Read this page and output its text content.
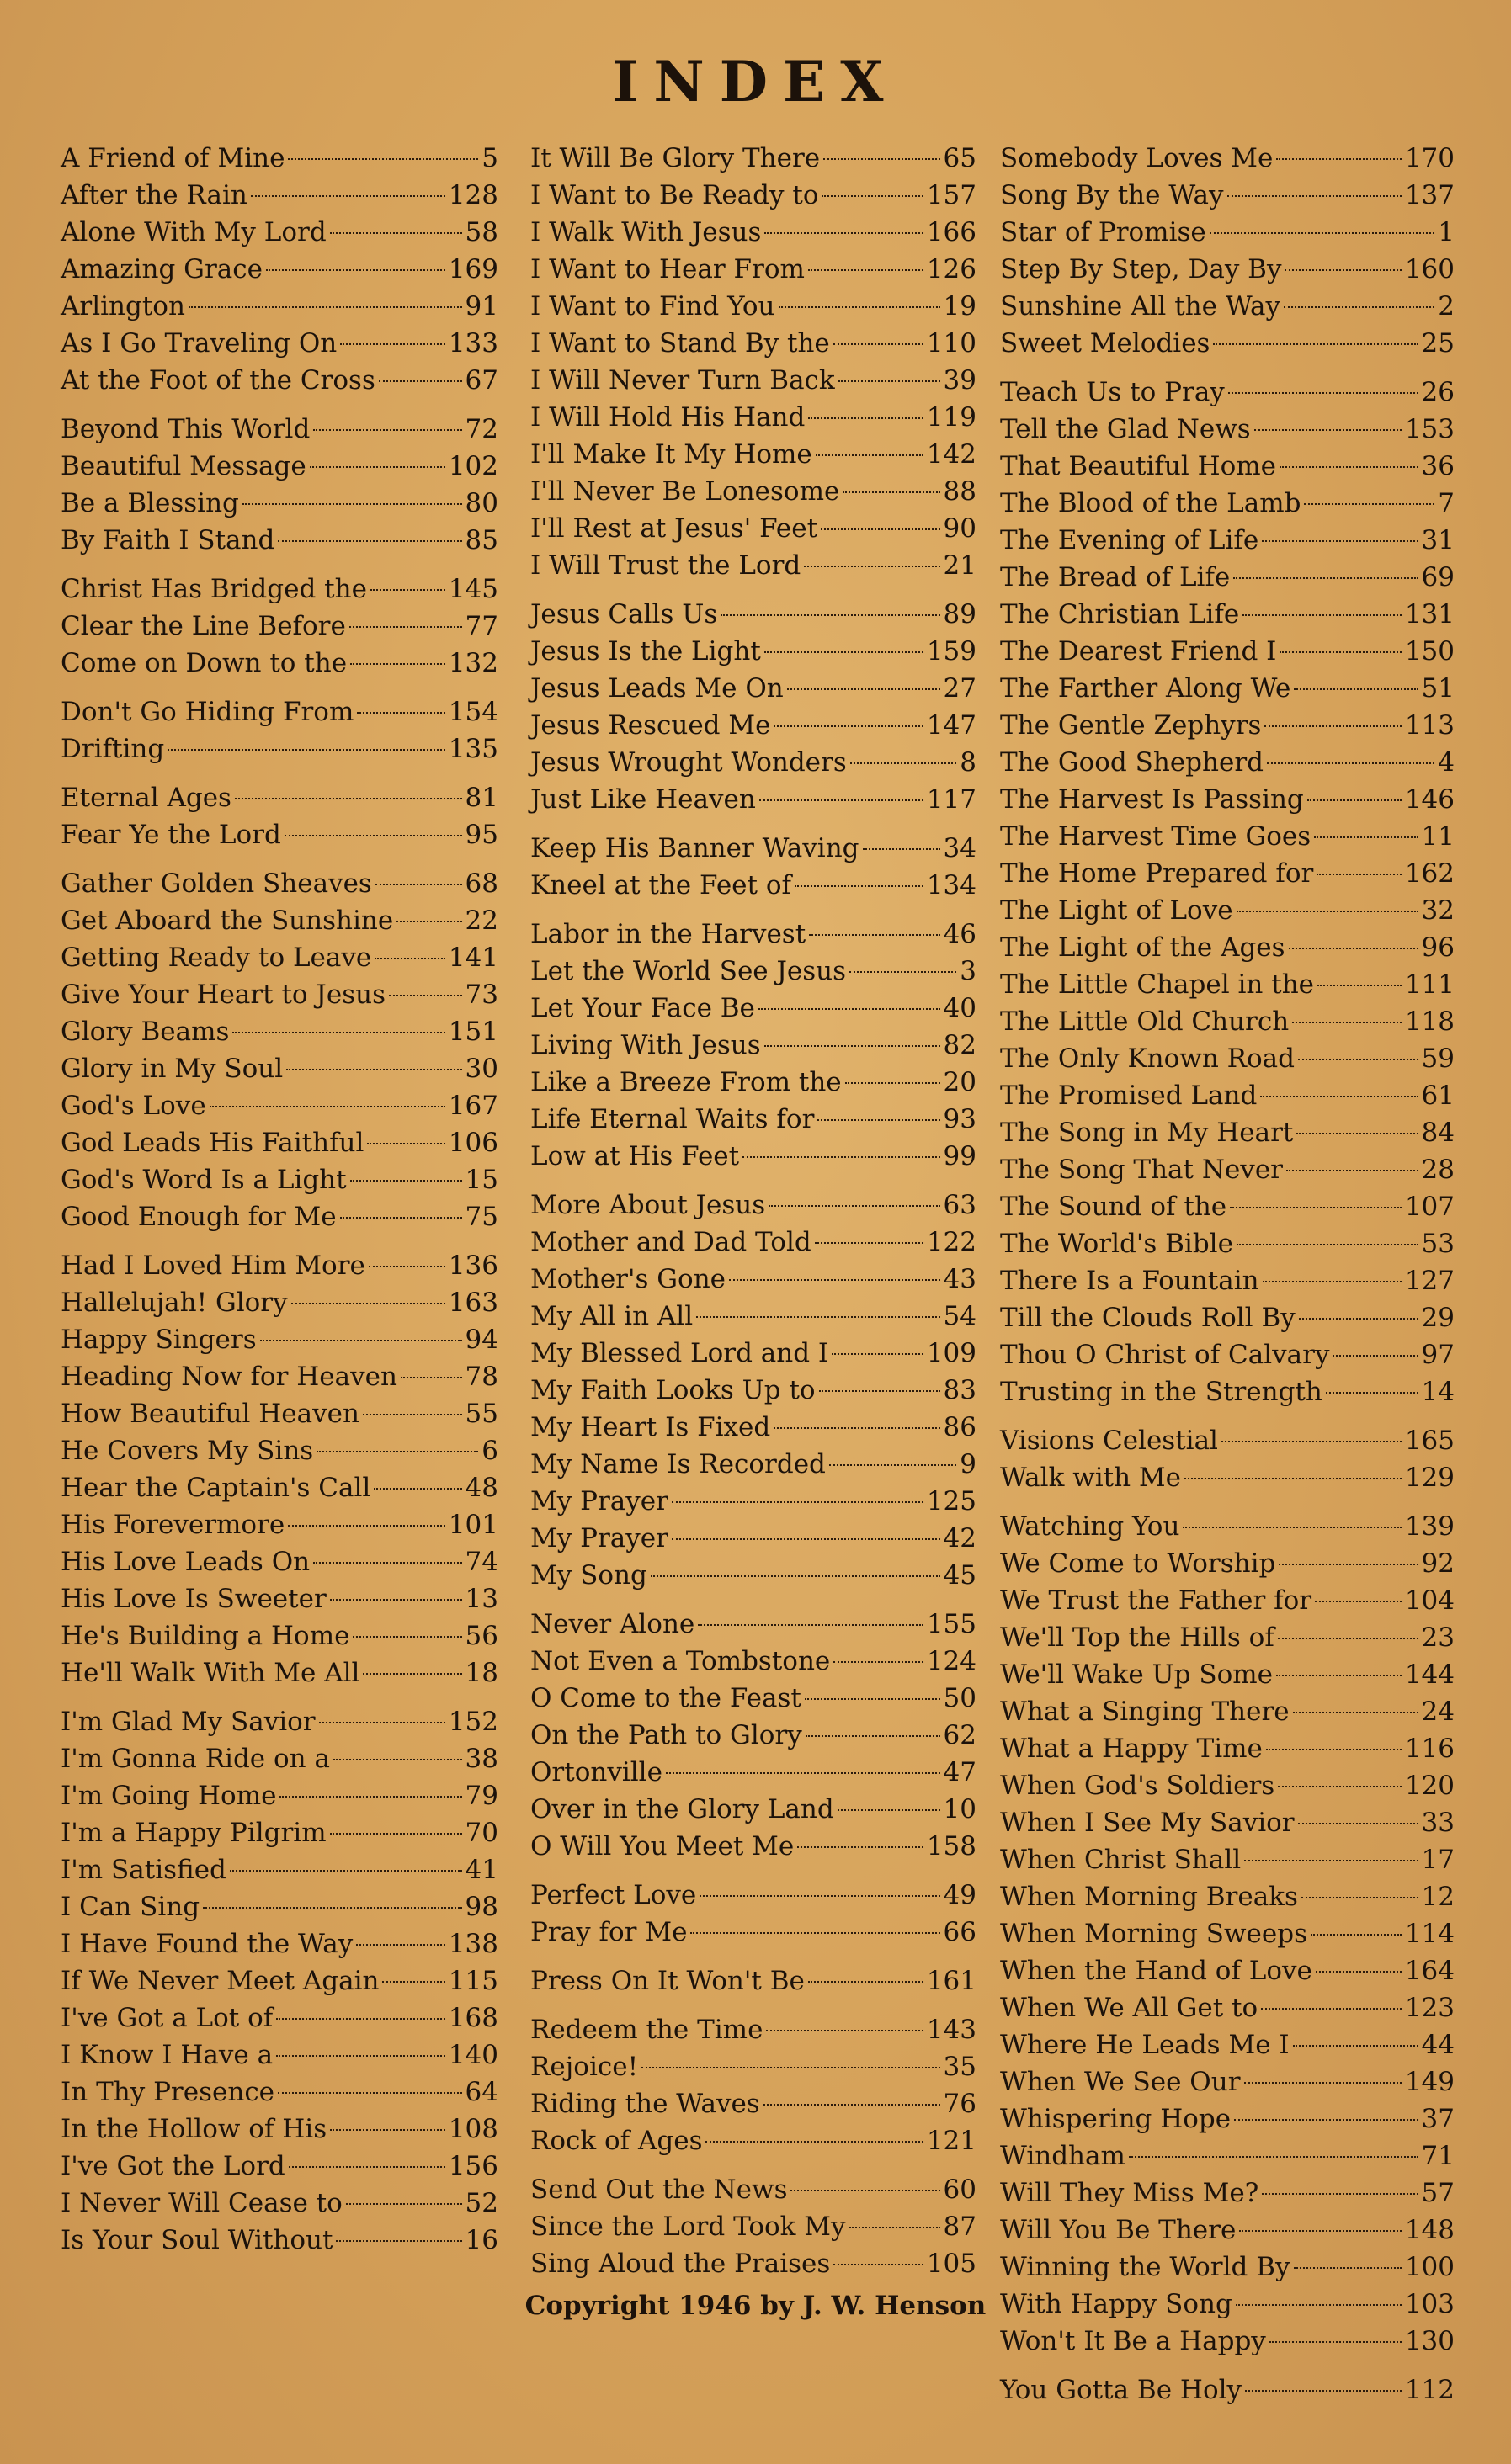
INDEX
A Friend of Mine	5
After the Rain	128
Alone With My Lord	58
Amazing Grace	169
Arlington	91
As I Go Traveling On	133
At the Foot of the Cross	67
Beyond This World	72
Beautiful Message	102
Be a Blessing	80
By Faith I Stand	85
Christ Has Bridged the	145
Clear the Line Before	77
Come on Down to the	132
Don't Go Hiding From	154
Drifting	135
Eternal Ages	81
Fear Ye the Lord	95
Gather Golden Sheaves	68
Get Aboard the Sunshine	22
Getting Ready to Leave	141
Give Your Heart to Jesus	73
Glory Beams	151
Glory in My Soul	30
God's Love	167
God Leads His Faithful	106
God's Word Is a Light	15
Good Enough for Me	75
Had I Loved Him More	136
Hallelujah! Glory	163
Happy Singers	94
Heading Now for Heaven	78
How Beautiful Heaven	55
He Covers My Sins	6
Hear the Captain's Call	48
His Forevermore	101
His Love Leads On	74
His Love Is Sweeter	13
He's Building a Home	56
He'll Walk With Me All	18
I'm Glad My Savior	152
I'm Gonna Ride on a	38
I'm Going Home	79
I'm a Happy Pilgrim	70
I'm Satisfied	41
I Can Sing	98
I Have Found the Way	138
If We Never Meet Again	115
I've Got a Lot of	168
I Know I Have a	140
In Thy Presence	64
In the Hollow of His	108
I've Got the Lord	156
I Never Will Cease to	52
Is Your Soul Without	16
It Will Be Glory There	65
I Want to Be Ready to	157
I Walk With Jesus	166
I Want to Hear From	126
I Want to Find You	19
I Want to Stand By the	110
I Will Never Turn Back	39
I Will Hold His Hand	119
I'll Make It My Home	142
I'll Never Be Lonesome	88
I'll Rest at Jesus' Feet	90
I Will Trust the Lord	21
Jesus Calls Us	89
Jesus Is the Light	159
Jesus Leads Me On	27
Jesus Rescued Me	147
Jesus Wrought Wonders	8
Just Like Heaven	117
Keep His Banner Waving	34
Kneel at the Feet of	134
Labor in the Harvest	46
Let the World See Jesus	3
Let Your Face Be	40
Living With Jesus	82
Like a Breeze From the	20
Life Eternal Waits for	93
Low at His Feet	99
More About Jesus	63
Mother and Dad Told	122
Mother's Gone	43
My All in All	54
My Blessed Lord and I	109
My Faith Looks Up to	83
My Heart Is Fixed	86
My Name Is Recorded	9
My Prayer	125
My Prayer	42
My Song	45
Never Alone	155
Not Even a Tombstone	124
O Come to the Feast	50
On the Path to Glory	62
Ortonville	47
Over in the Glory Land	10
O Will You Meet Me	158
Perfect Love	49
Pray for Me	66
Press On It Won't Be	161
Redeem the Time	143
Rejoice!	35
Riding the Waves	76
Rock of Ages	121
Send Out the News	60
Since the Lord Took My	87
Sing Aloud the Praises	105
Somebody Loves Me	170
Song By the Way	137
Star of Promise	1
Step By Step, Day By	160
Sunshine All the Way	2
Sweet Melodies	25
Teach Us to Pray	26
Tell the Glad News	153
That Beautiful Home	36
The Blood of the Lamb	7
The Evening of Life	31
The Bread of Life	69
The Christian Life	131
The Dearest Friend I	150
The Farther Along We	51
The Gentle Zephyrs	113
The Good Shepherd	4
The Harvest Is Passing	146
The Harvest Time Goes	11
The Home Prepared for	162
The Light of Love	32
The Light of the Ages	96
The Little Chapel in the	111
The Little Old Church	118
The Only Known Road	59
The Promised Land	61
The Song in My Heart	84
The Song That Never	28
The Sound of the	107
The World's Bible	53
There Is a Fountain	127
Till the Clouds Roll By	29
Thou O Christ of Calvary	97
Trusting in the Strength	14
Visions Celestial	165
Walk with Me	129
Watching You	139
We Come to Worship	92
We Trust the Father for	104
We'll Top the Hills of	23
We'll Wake Up Some	144
What a Singing There	24
What a Happy Time	116
When God's Soldiers	120
When I See My Savior	33
When Christ Shall	17
When Morning Breaks	12
When Morning Sweeps	114
When the Hand of Love	164
When We All Get to	123
Where He Leads Me I	44
When We See Our	149
Whispering Hope	37
Windham	71
Will They Miss Me?	57
Will You Be There	148
Winning the World By	100
With Happy Song	103
Won't It Be a Happy	130
You Gotta Be Holy	112
Copyright 1946 by J. W. Henson
